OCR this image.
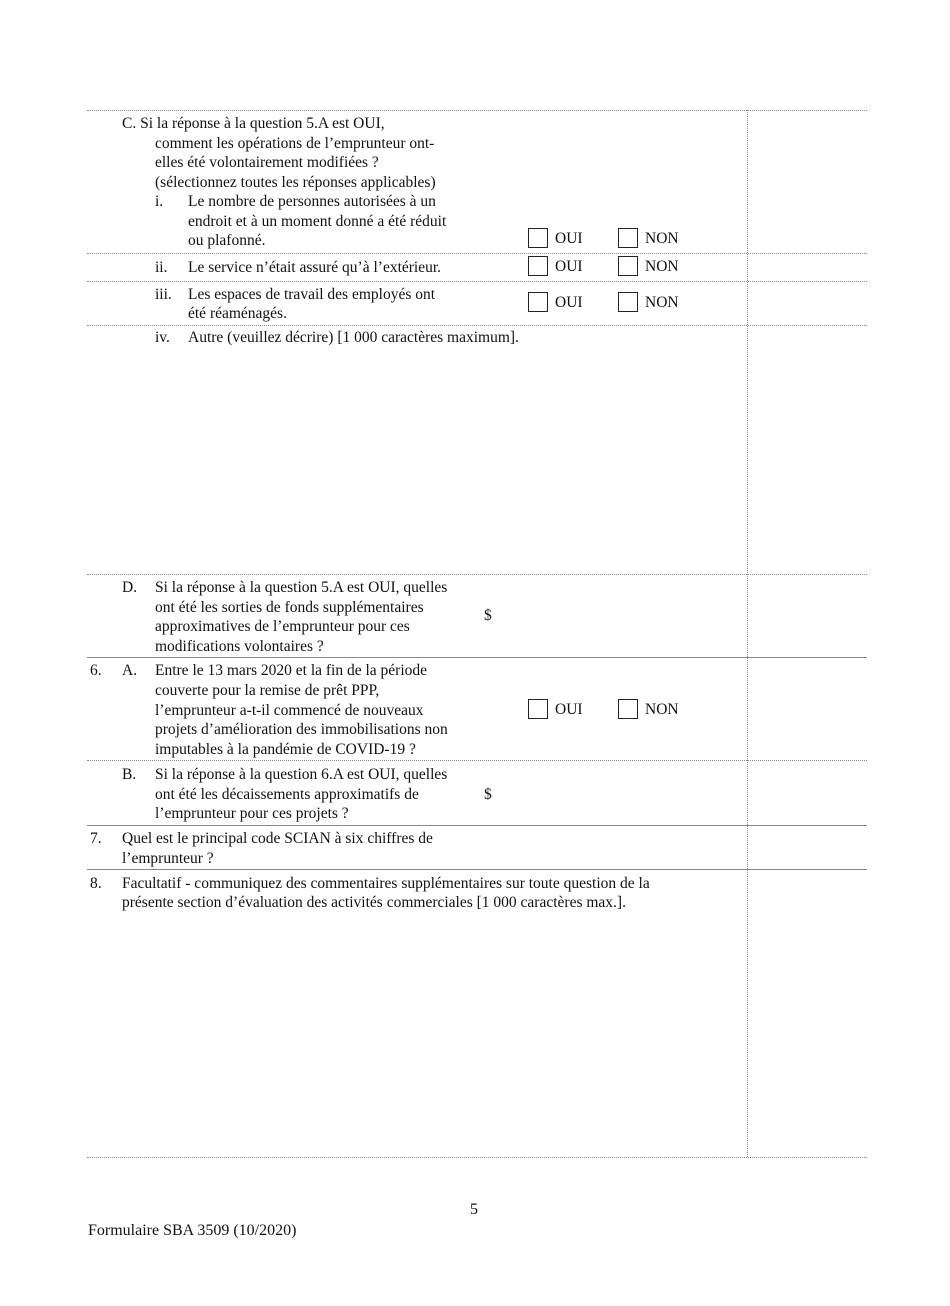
C. Si la réponse à la question 5.A est OUI,
comment les opérations de l’emprunteur ont-
elles été volontairement modifiées ?
(sélectionnez toutes les réponses applicables)
i. Le nombre de personnes autorisées à un
endroit et à un moment donné a été réduit
ou plafonné.	OUI	NON
ii. Le service n’était assuré qu’à l’extérieur.	OUI	NON
iii. Les espaces de travail des employés ont
été réaménagés.
OUI	NON
iv. Autre (veuillez décrire) [1 000 caractères maximum].
D. Si la réponse à la question 5.A est OUI, quelles
ont été les sorties de fonds supplémentaires
approximatives de l’emprunteur pour ces
modifications volontaires ?
$
6. A. Entre le 13 mars 2020 et la fin de la période
couverte pour la remise de prêt PPP,
l’emprunteur a-t-il commencé de nouveaux
projets d’amélioration des immobilisations non
imputables à la pandémie de COVID-19 ?
OUI	NON
B. Si la réponse à la question 6.A est OUI, quelles
ont été les décaissements approximatifs de
l’emprunteur pour ces projets ?
$
7. Quel est le principal code SCIAN à six chiffres de
l’emprunteur ?
8. Facultatif - communiquez des commentaires supplémentaires sur toute question de la
présente section d’évaluation des activités commerciales [1 000 caractères max.].
5
Formulaire SBA 3509 (10/2020)
